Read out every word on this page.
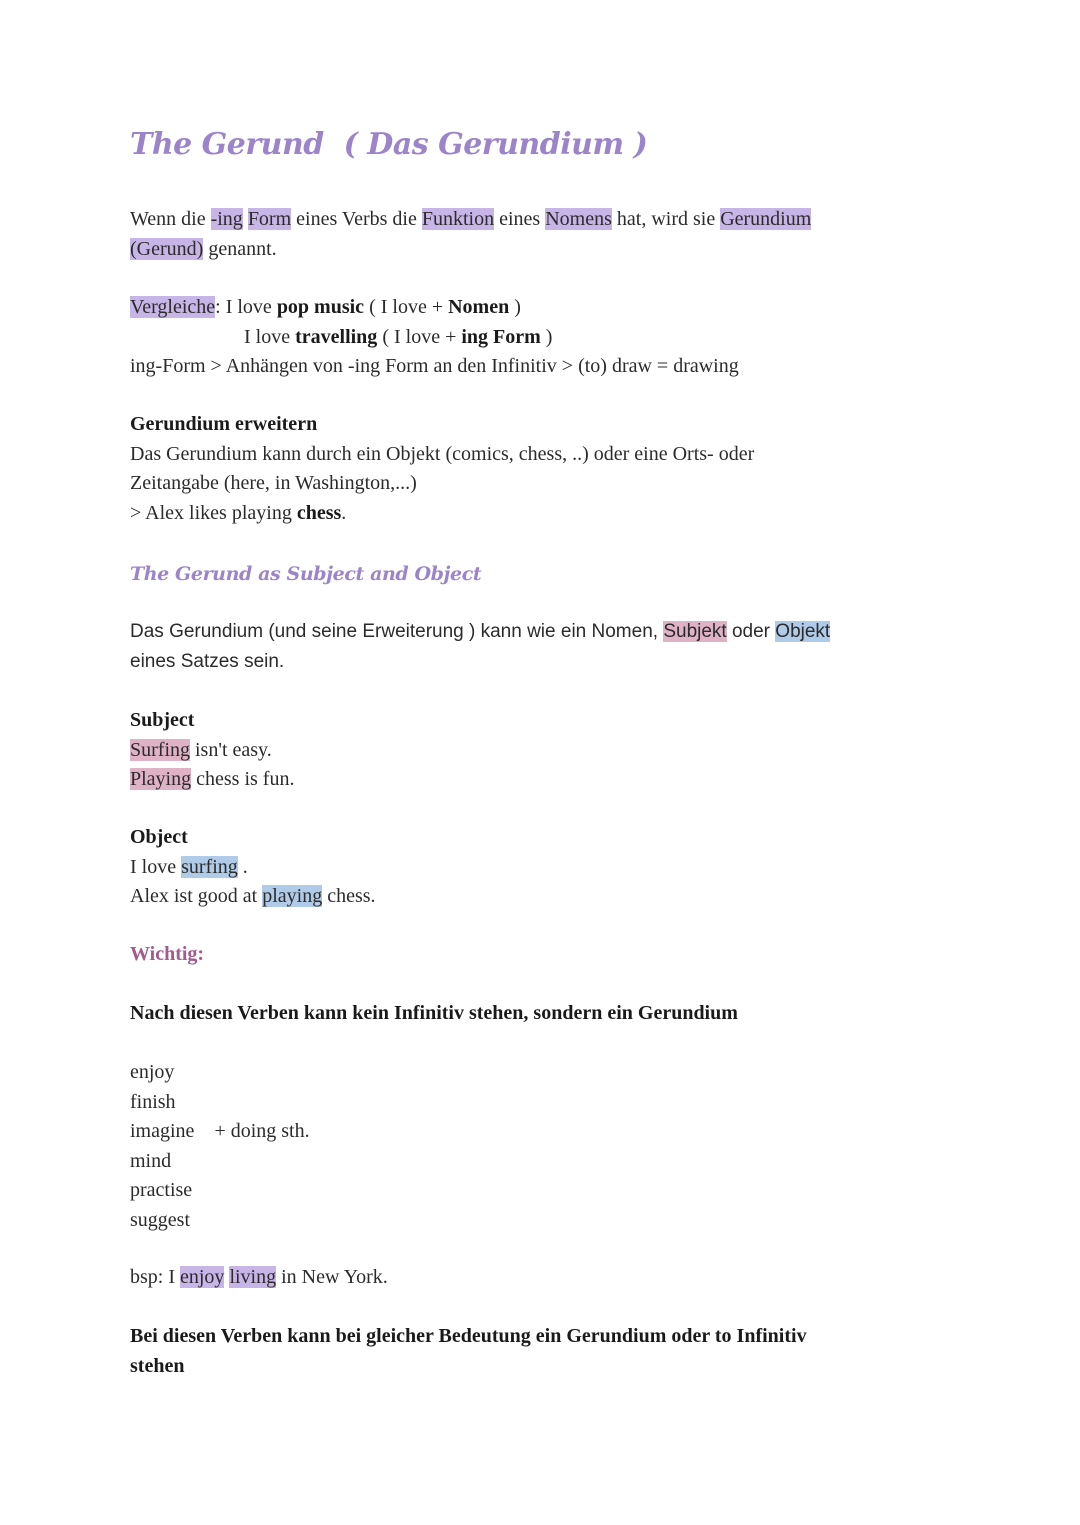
The Gerund ( Das Gerundium )

Wenn die -ing Form eines Verbs die Funktion eines Nomens hat, wird sie Gerundium

(Gerund) genannt.

Vergleiche: I love pop music ( I love + Nomen )

I love travelling ( I love + ing Form )

ing-Form > Anhängen von -ing Form an den Infinitiv > (to) draw = drawing

Gerundium erweitern

Das Gerundium kann durch ein Objekt (comics, chess, ..) oder eine Orts- oder

Zeitangabe (here, in Washington,...)

> Alex likes playing chess.

The Gerund as Subject and Object

Das Gerundium (und seine Erweiterung ) kann wie ein Nomen, Subjekt oder Objekt

eines Satzes sein.

Subject

Surfing isn't easy.

Playing chess is fun.

Object

I love surfing .

Alex ist good at playing chess.

Wichtig:

Nach diesen Verben kann kein Infinitiv stehen, sondern ein Gerundium

enjoy

finish

imagine + doing sth.

mind

practise

suggest

bsp: I enjoy living in New York.

Bei diesen Verben kann bei gleicher Bedeutung ein Gerundium oder to Infinitiv

stehen
